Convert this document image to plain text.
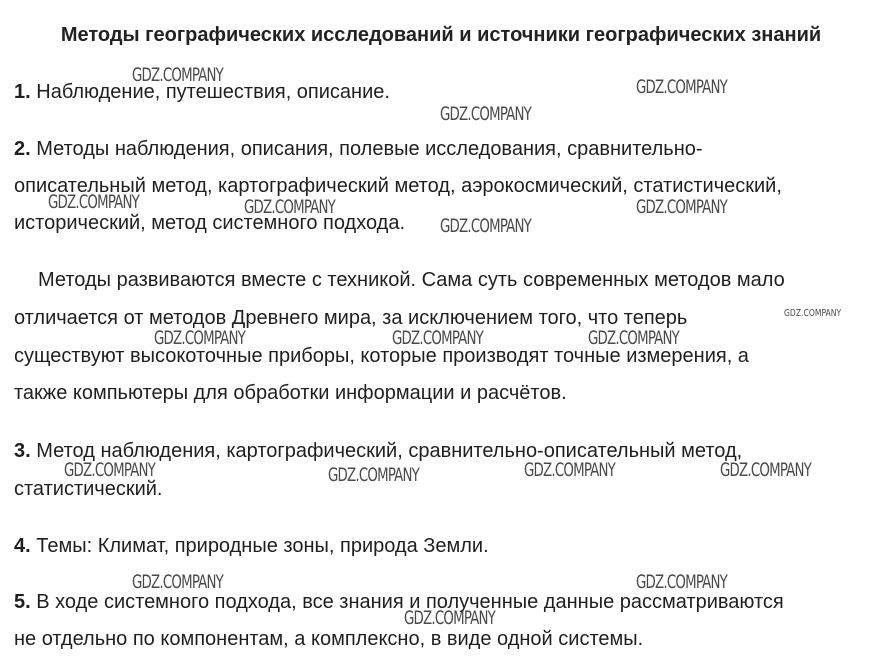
Методы географических исследований и источники географических знаний
1. Наблюдение, путешествия, описание.
2. Методы наблюдения, описания, полевые исследования, сравнительно-
описательный метод, картографический метод, аэрокосмический, статистический,
исторический, метод системного подхода.
Методы развиваются вместе с техникой. Сама суть современных методов мало
отличается от методов Древнего мира, за исключением того, что теперь
существуют высокоточные приборы, которые производят точные измерения, а
также компьютеры для обработки информации и расчётов.
3. Метод наблюдения, картографический, сравнительно-описательный метод,
статистический.
4. Темы: Климат, природные зоны, природа Земли.
5. В ходе системного подхода, все знания и полученные данные рассматриваются
не отдельно по компонентам, а комплексно, в виде одной системы.
GDZ.COMPANY
GDZ.COMPANY
GDZ.COMPANY
GDZ.COMPANY	GDZ.COMPANY	GDZ.COMPANY
GDZ.COMPANY
GDZ.COMPANY
GDZ.COMPANY	GDZ.COMPANY	GDZ.COMPANY
GDZ.COMPANY	GDZ.COMPANY	GDZ.COMPANY	GDZ.COMPANY
GDZ.COMPANY	GDZ.COMPANY
GDZ.COMPANY
